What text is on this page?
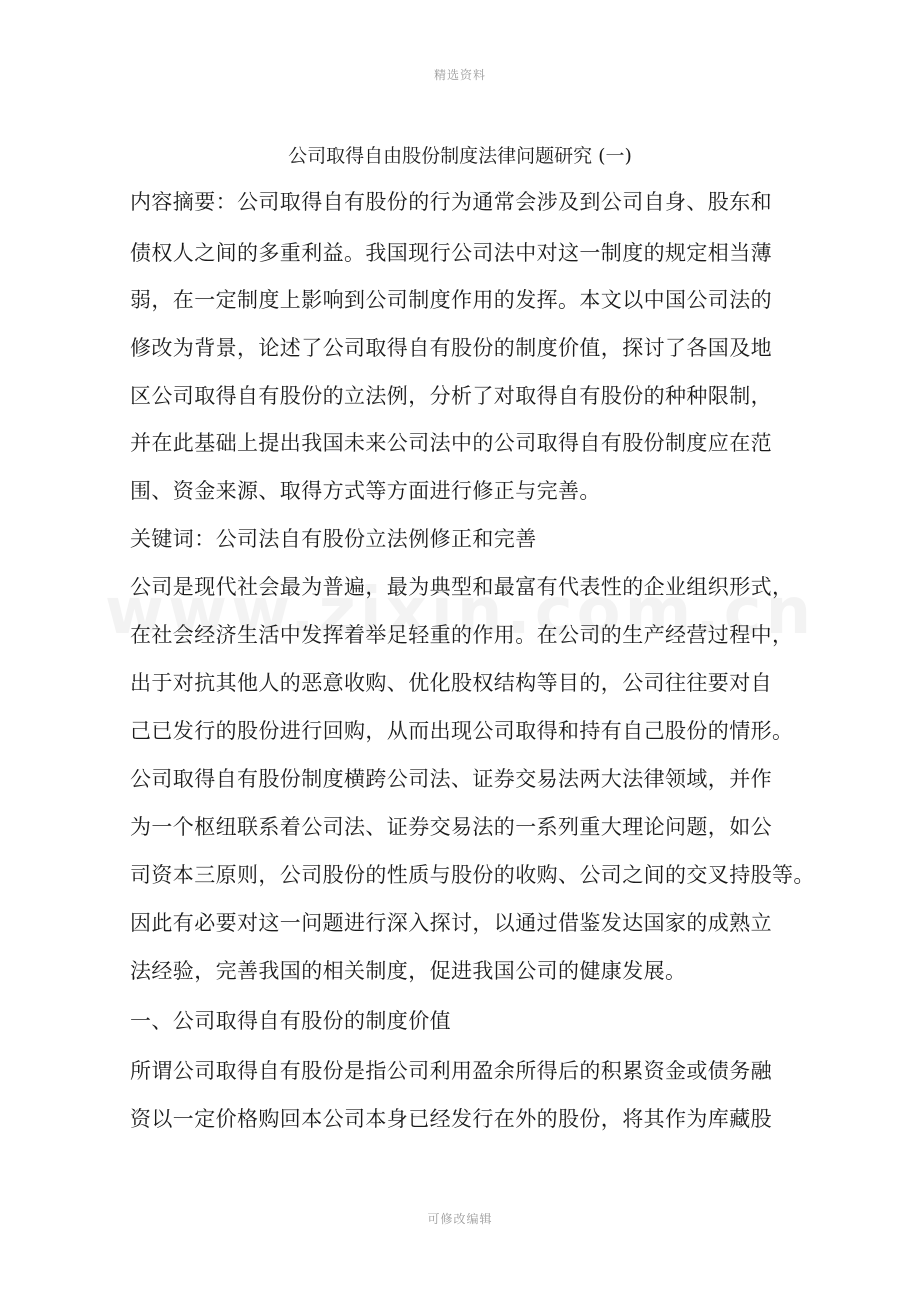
精选资料
公司取得自由股份制度法律问题研究 (一)
内容摘要：公司取得自有股份的行为通常会涉及到公司自身、股东和
债权人之间的多重利益。我国现行公司法中对这一制度的规定相当薄
弱，在一定制度上影响到公司制度作用的发挥。本文以中国公司法的
修改为背景，论述了公司取得自有股份的制度价值，探讨了各国及地
区公司取得自有股份的立法例，分析了对取得自有股份的种种限制，
并在此基础上提出我国未来公司法中的公司取得自有股份制度应在范
围、资金来源、取得方式等方面进行修正与完善。
关键词：公司法自有股份立法例修正和完善
公司是现代社会最为普遍，最为典型和最富有代表性的企业组织形式，
在社会经济生活中发挥着举足轻重的作用。在公司的生产经营过程中，
出于对抗其他人的恶意收购、优化股权结构等目的，公司往往要对自
己已发行的股份进行回购，从而出现公司取得和持有自己股份的情形。
公司取得自有股份制度横跨公司法、证券交易法两大法律领域，并作
为一个枢纽联系着公司法、证券交易法的一系列重大理论问题，如公
司资本三原则，公司股份的性质与股份的收购、公司之间的交叉持股等。
因此有必要对这一问题进行深入探讨，以通过借鉴发达国家的成熟立
法经验，完善我国的相关制度，促进我国公司的健康发展。
一、公司取得自有股份的制度价值
所谓公司取得自有股份是指公司利用盈余所得后的积累资金或债务融
资以一定价格购回本公司本身已经发行在外的股份，将其作为库藏股
可修改编辑
